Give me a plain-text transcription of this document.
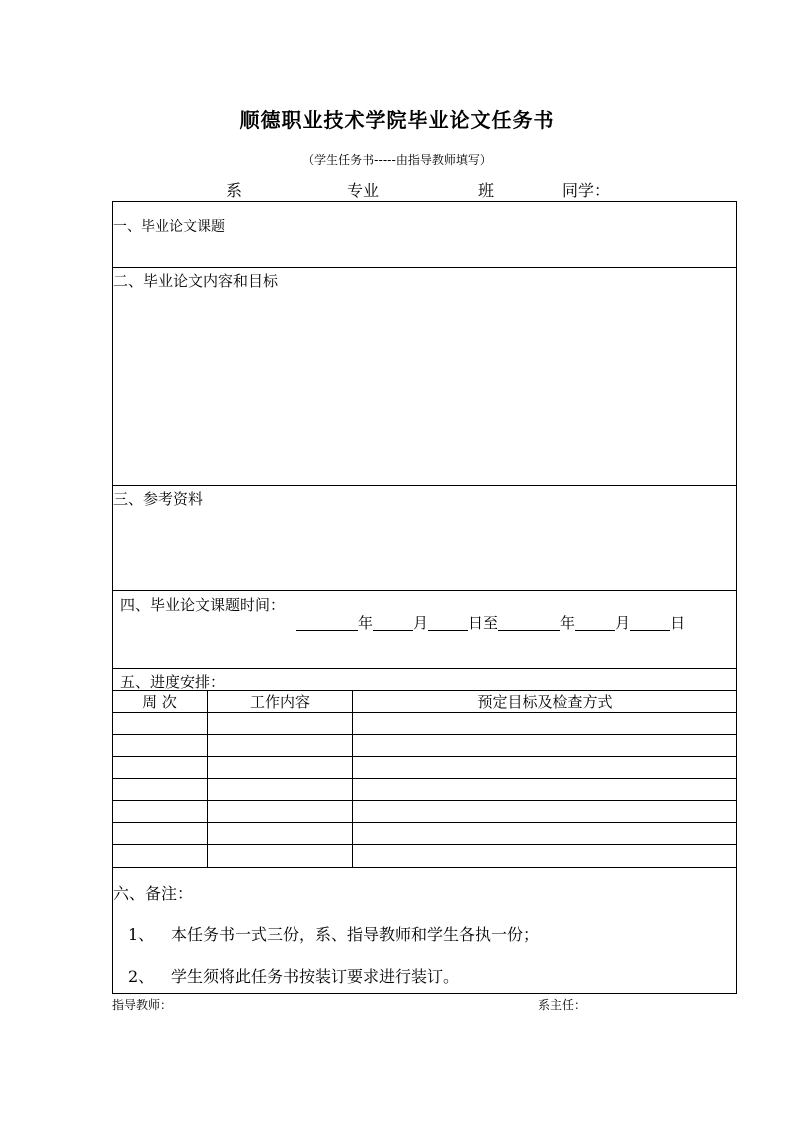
顺德职业技术学院毕业论文任务书
（学生任务书-----由指导教师填写）
系	专业	班	同学：
一、毕业论文课题
二、毕业论文内容和目标
三、参考资料
四、毕业论文课题时间：
年	月	日至	年	月	日
五、进度安排：
周 次	工作内容	预定目标及检查方式
六、备注：
1、 本任务书一式三份，系、指导教师和学生各执一份；
2、 学生须将此任务书按装订要求进行装订。
指导教师：	系主任：
